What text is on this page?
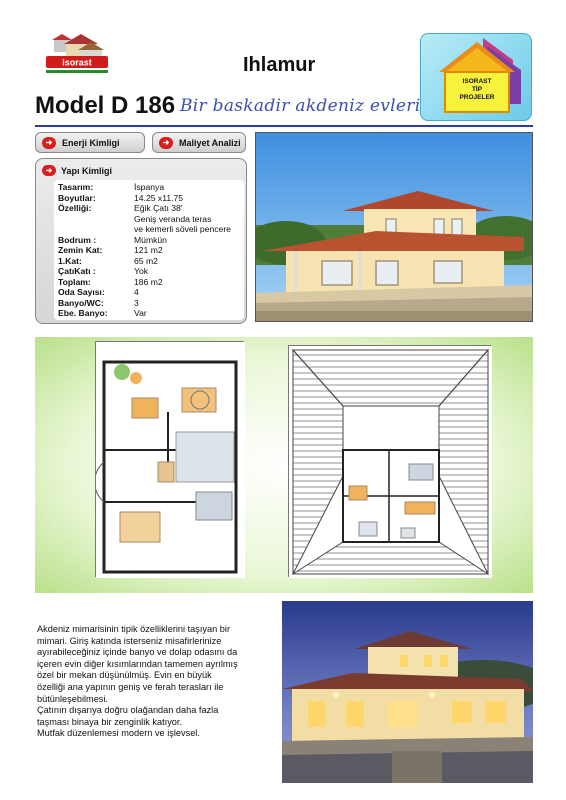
isorast	Ihlamur
Model D 186 Bir baskadir akdeniz evleri
ISORAST
TİP
PROJELER
➜	Enerji Kimligi	➜	Maliyet Analizi
➜ Yapı Kimligi
Tasarım:	İspanya
Boyutlar:	14.25 x11.75
Özelliği:	Eğik Çatı 38'
Geniş veranda teras
ve kemerli söveli pencere
Bodrum :	Mümkün
Zemin Kat:	121 m2
1.Kat:	65 m2
ÇatıKatı :	Yok
Toplam:	186 m2
Oda Sayısı:	4
Banyo/WC:	3
Ebe. Banyo:	Var

Akdeniz mimarisinin tipik özelliklerini taşıyan bir

mimari. Giriş katında isterseniz misafirlerinize

ayırabileceğiniz içinde banyo ve dolap odasını da

içeren evin diğer kısımlarından tamemen ayrılmış

özel bir mekan düşünülmüş. Evin en büyük

özelliği ana yapının geniş ve ferah terasları ile

bütünleşebilmesi.

Çatının dışarıya doğru olağandan daha fazla

taşması binaya bir zenginlik katıyor.

Mutfak düzenlemesi modern ve işlevsel.
